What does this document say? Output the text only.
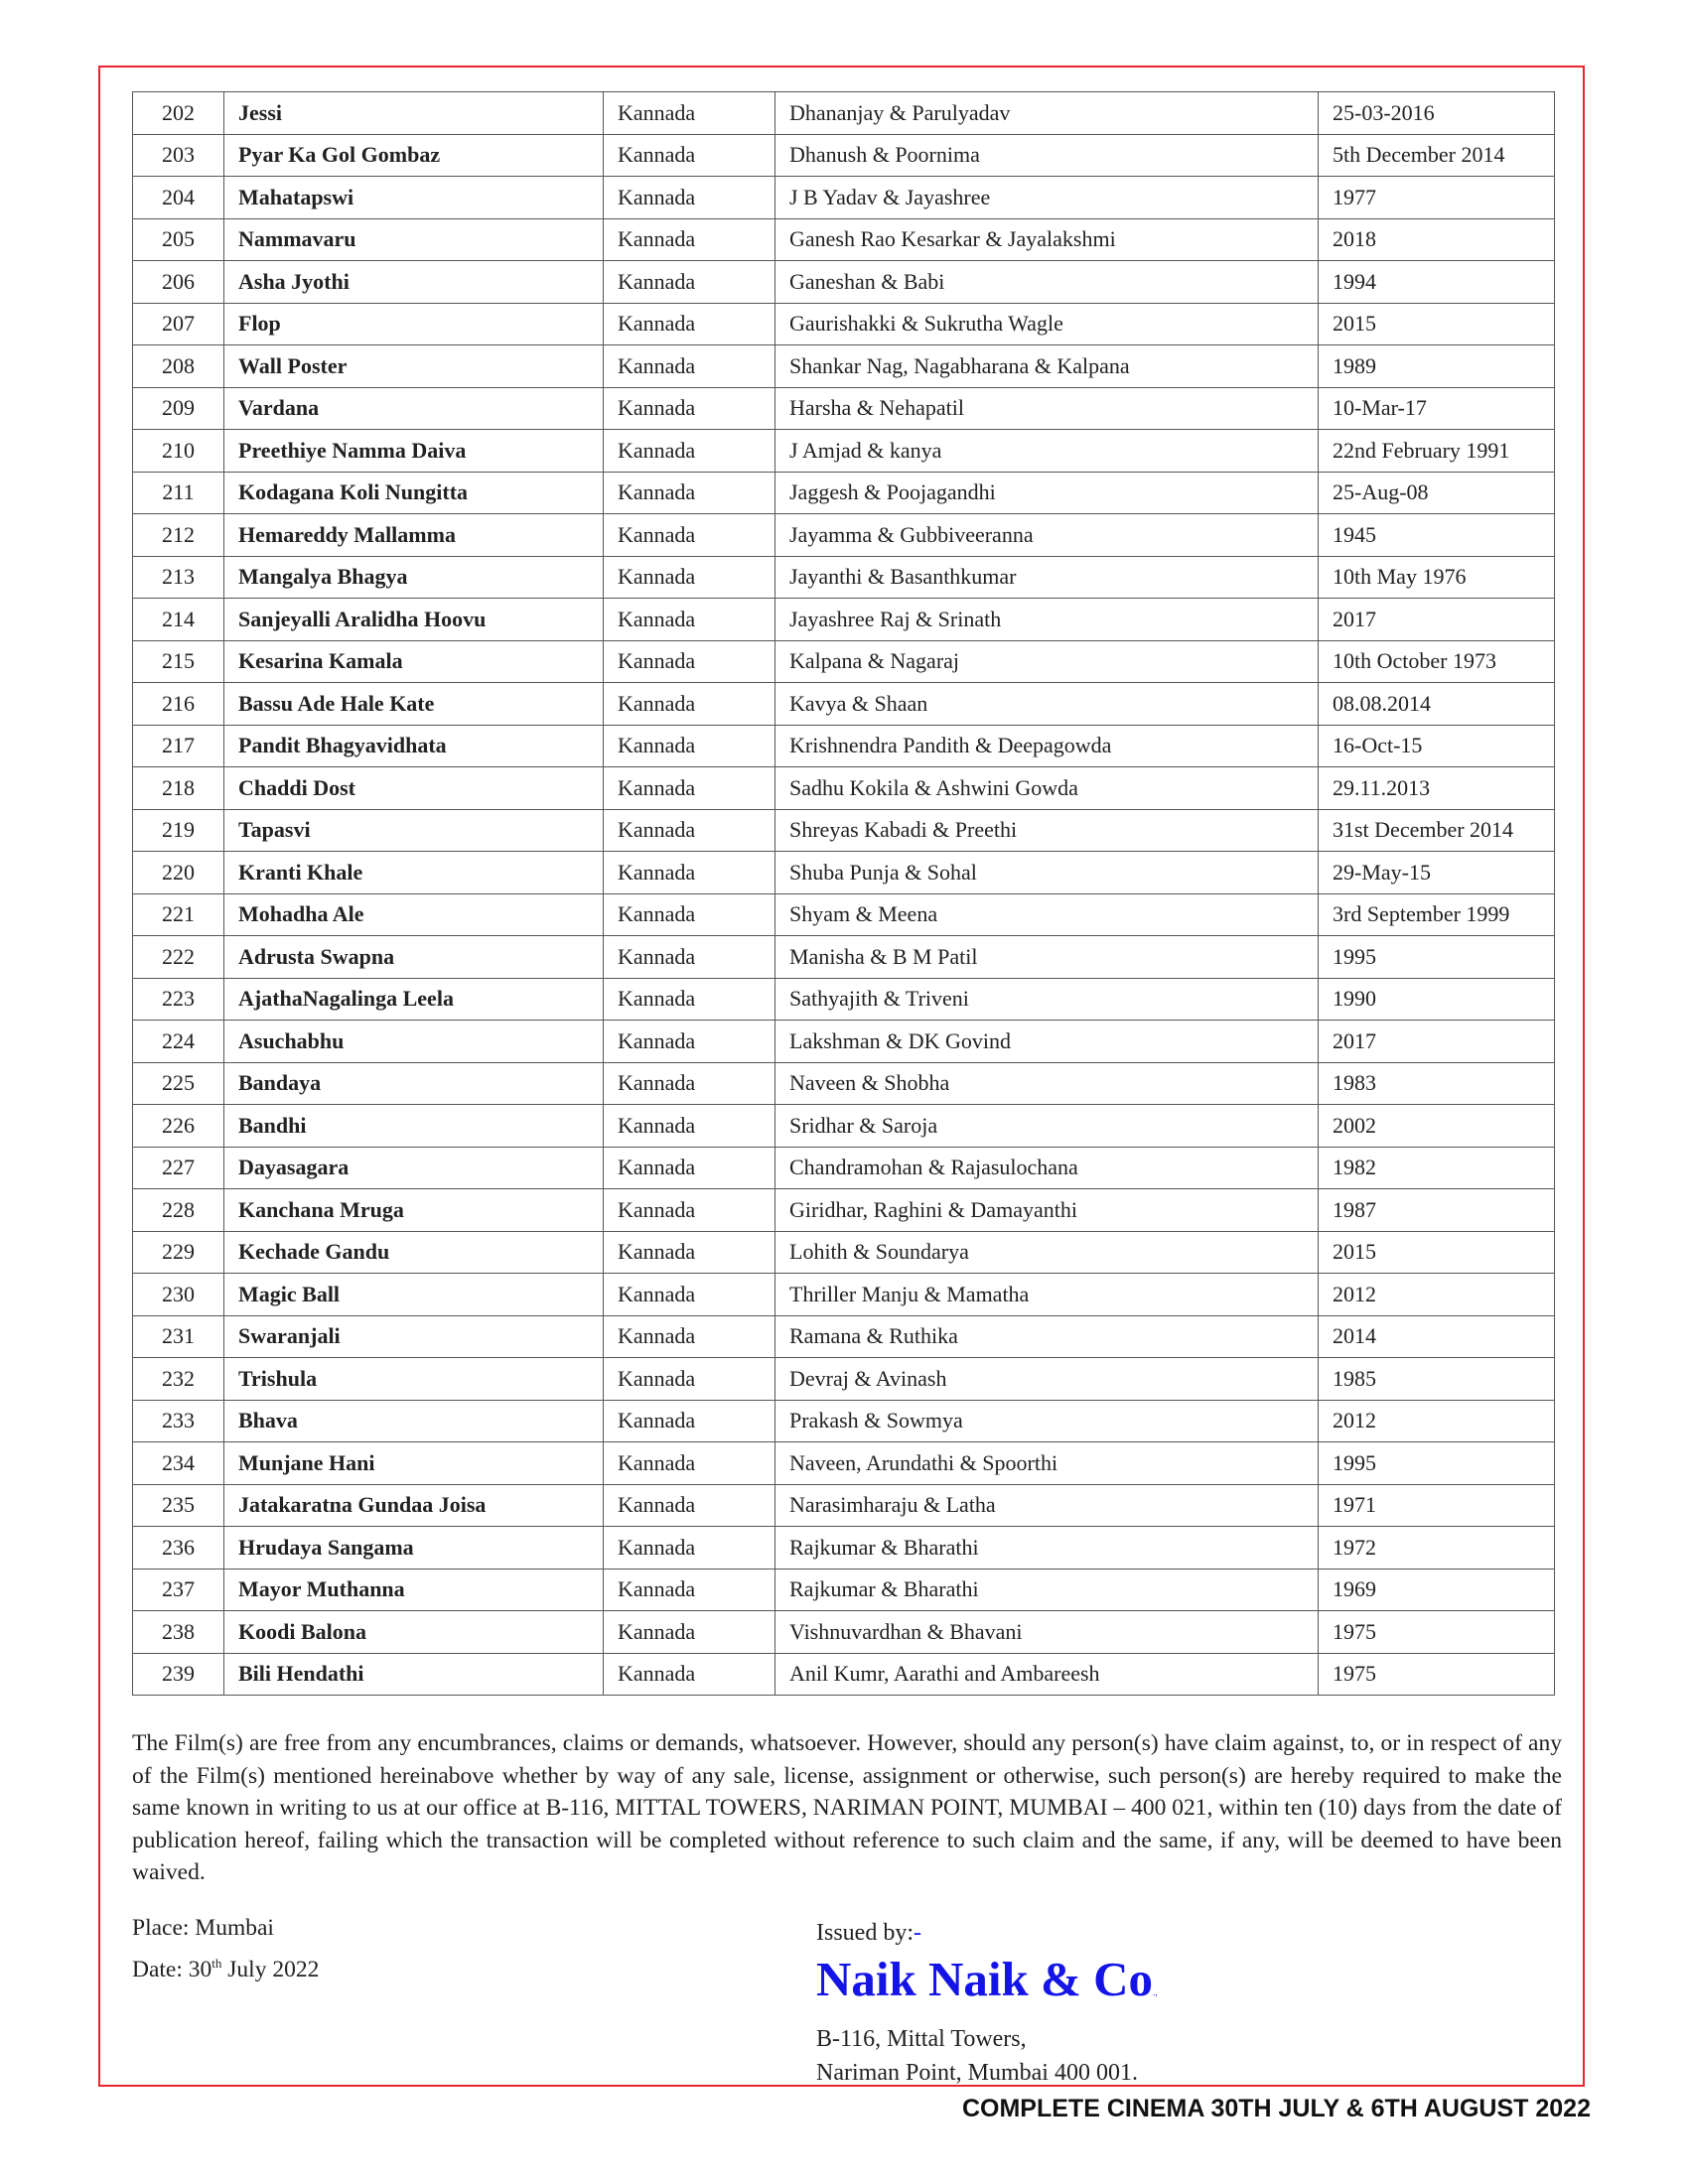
202	Jessi	Kannada	Dhananjay & Parulyadav	25-03-2016
203	Pyar Ka Gol Gombaz	Kannada	Dhanush & Poornima	5th December 2014
204	Mahatapswi	Kannada	J B Yadav & Jayashree	1977
205	Nammavaru	Kannada	Ganesh Rao Kesarkar & Jayalakshmi	2018
206	Asha Jyothi	Kannada	Ganeshan & Babi	1994
207	Flop	Kannada	Gaurishakki & Sukrutha Wagle	2015
208	Wall Poster	Kannada	Shankar Nag, Nagabharana & Kalpana	1989
209	Vardana	Kannada	Harsha & Nehapatil	10-Mar-17
210	Preethiye Namma Daiva	Kannada	J Amjad & kanya	22nd February 1991
211	Kodagana Koli Nungitta	Kannada	Jaggesh & Poojagandhi	25-Aug-08
212	Hemareddy Mallamma	Kannada	Jayamma & Gubbiveeranna	1945
213	Mangalya Bhagya	Kannada	Jayanthi & Basanthkumar	10th May 1976
214	Sanjeyalli Aralidha Hoovu	Kannada	Jayashree Raj & Srinath	2017
215	Kesarina Kamala	Kannada	Kalpana & Nagaraj	10th October 1973
216	Bassu Ade Hale Kate	Kannada	Kavya & Shaan	08.08.2014
217	Pandit Bhagyavidhata	Kannada	Krishnendra Pandith & Deepagowda	16-Oct-15
218	Chaddi Dost	Kannada	Sadhu Kokila & Ashwini Gowda	29.11.2013
219	Tapasvi	Kannada	Shreyas Kabadi & Preethi	31st December 2014
220	Kranti Khale	Kannada	Shuba Punja & Sohal	29-May-15
221	Mohadha Ale	Kannada	Shyam & Meena	3rd September 1999
222	Adrusta Swapna	Kannada	Manisha & B M Patil	1995
223	AjathaNagalinga Leela	Kannada	Sathyajith & Triveni	1990
224	Asuchabhu	Kannada	Lakshman & DK Govind	2017
225	Bandaya	Kannada	Naveen & Shobha	1983
226	Bandhi	Kannada	Sridhar & Saroja	2002
227	Dayasagara	Kannada	Chandramohan & Rajasulochana	1982
228	Kanchana Mruga	Kannada	Giridhar, Raghini & Damayanthi	1987
229	Kechade Gandu	Kannada	Lohith & Soundarya	2015
230	Magic Ball	Kannada	Thriller Manju & Mamatha	2012
231	Swaranjali	Kannada	Ramana & Ruthika	2014
232	Trishula	Kannada	Devraj & Avinash	1985
233	Bhava	Kannada	Prakash & Sowmya	2012
234	Munjane Hani	Kannada	Naveen, Arundathi & Spoorthi	1995
235	Jatakaratna Gundaa Joisa	Kannada	Narasimharaju & Latha	1971
236	Hrudaya Sangama	Kannada	Rajkumar & Bharathi	1972
237	Mayor Muthanna	Kannada	Rajkumar & Bharathi	1969
238	Koodi Balona	Kannada	Vishnuvardhan & Bhavani	1975
239	Bili Hendathi	Kannada	Anil Kumr, Aarathi and Ambareesh	1975
The Film(s) are free from any encumbrances, claims or demands, whatsoever. However, should any person(s) have claim against, to, or in respect of any of the Film(s) mentioned hereinabove whether by way of any sale, license, assignment or otherwise, such person(s) are hereby required to make the same known in writing to us at our office at B-116, MITTAL TOWERS, NARIMAN POINT, MUMBAI – 400 021, within ten (10) days from the date of publication hereof, failing which the transaction will be completed without reference to such claim and the same, if any, will be deemed to have been waived.
Place: Mumbai
Date: 30th July 2022
Issued by:-
Naik Naik & Co.,
B-116, Mittal Towers,
Nariman Point, Mumbai 400 001.
COMPLETE CINEMA 30TH JULY & 6TH AUGUST 2022
